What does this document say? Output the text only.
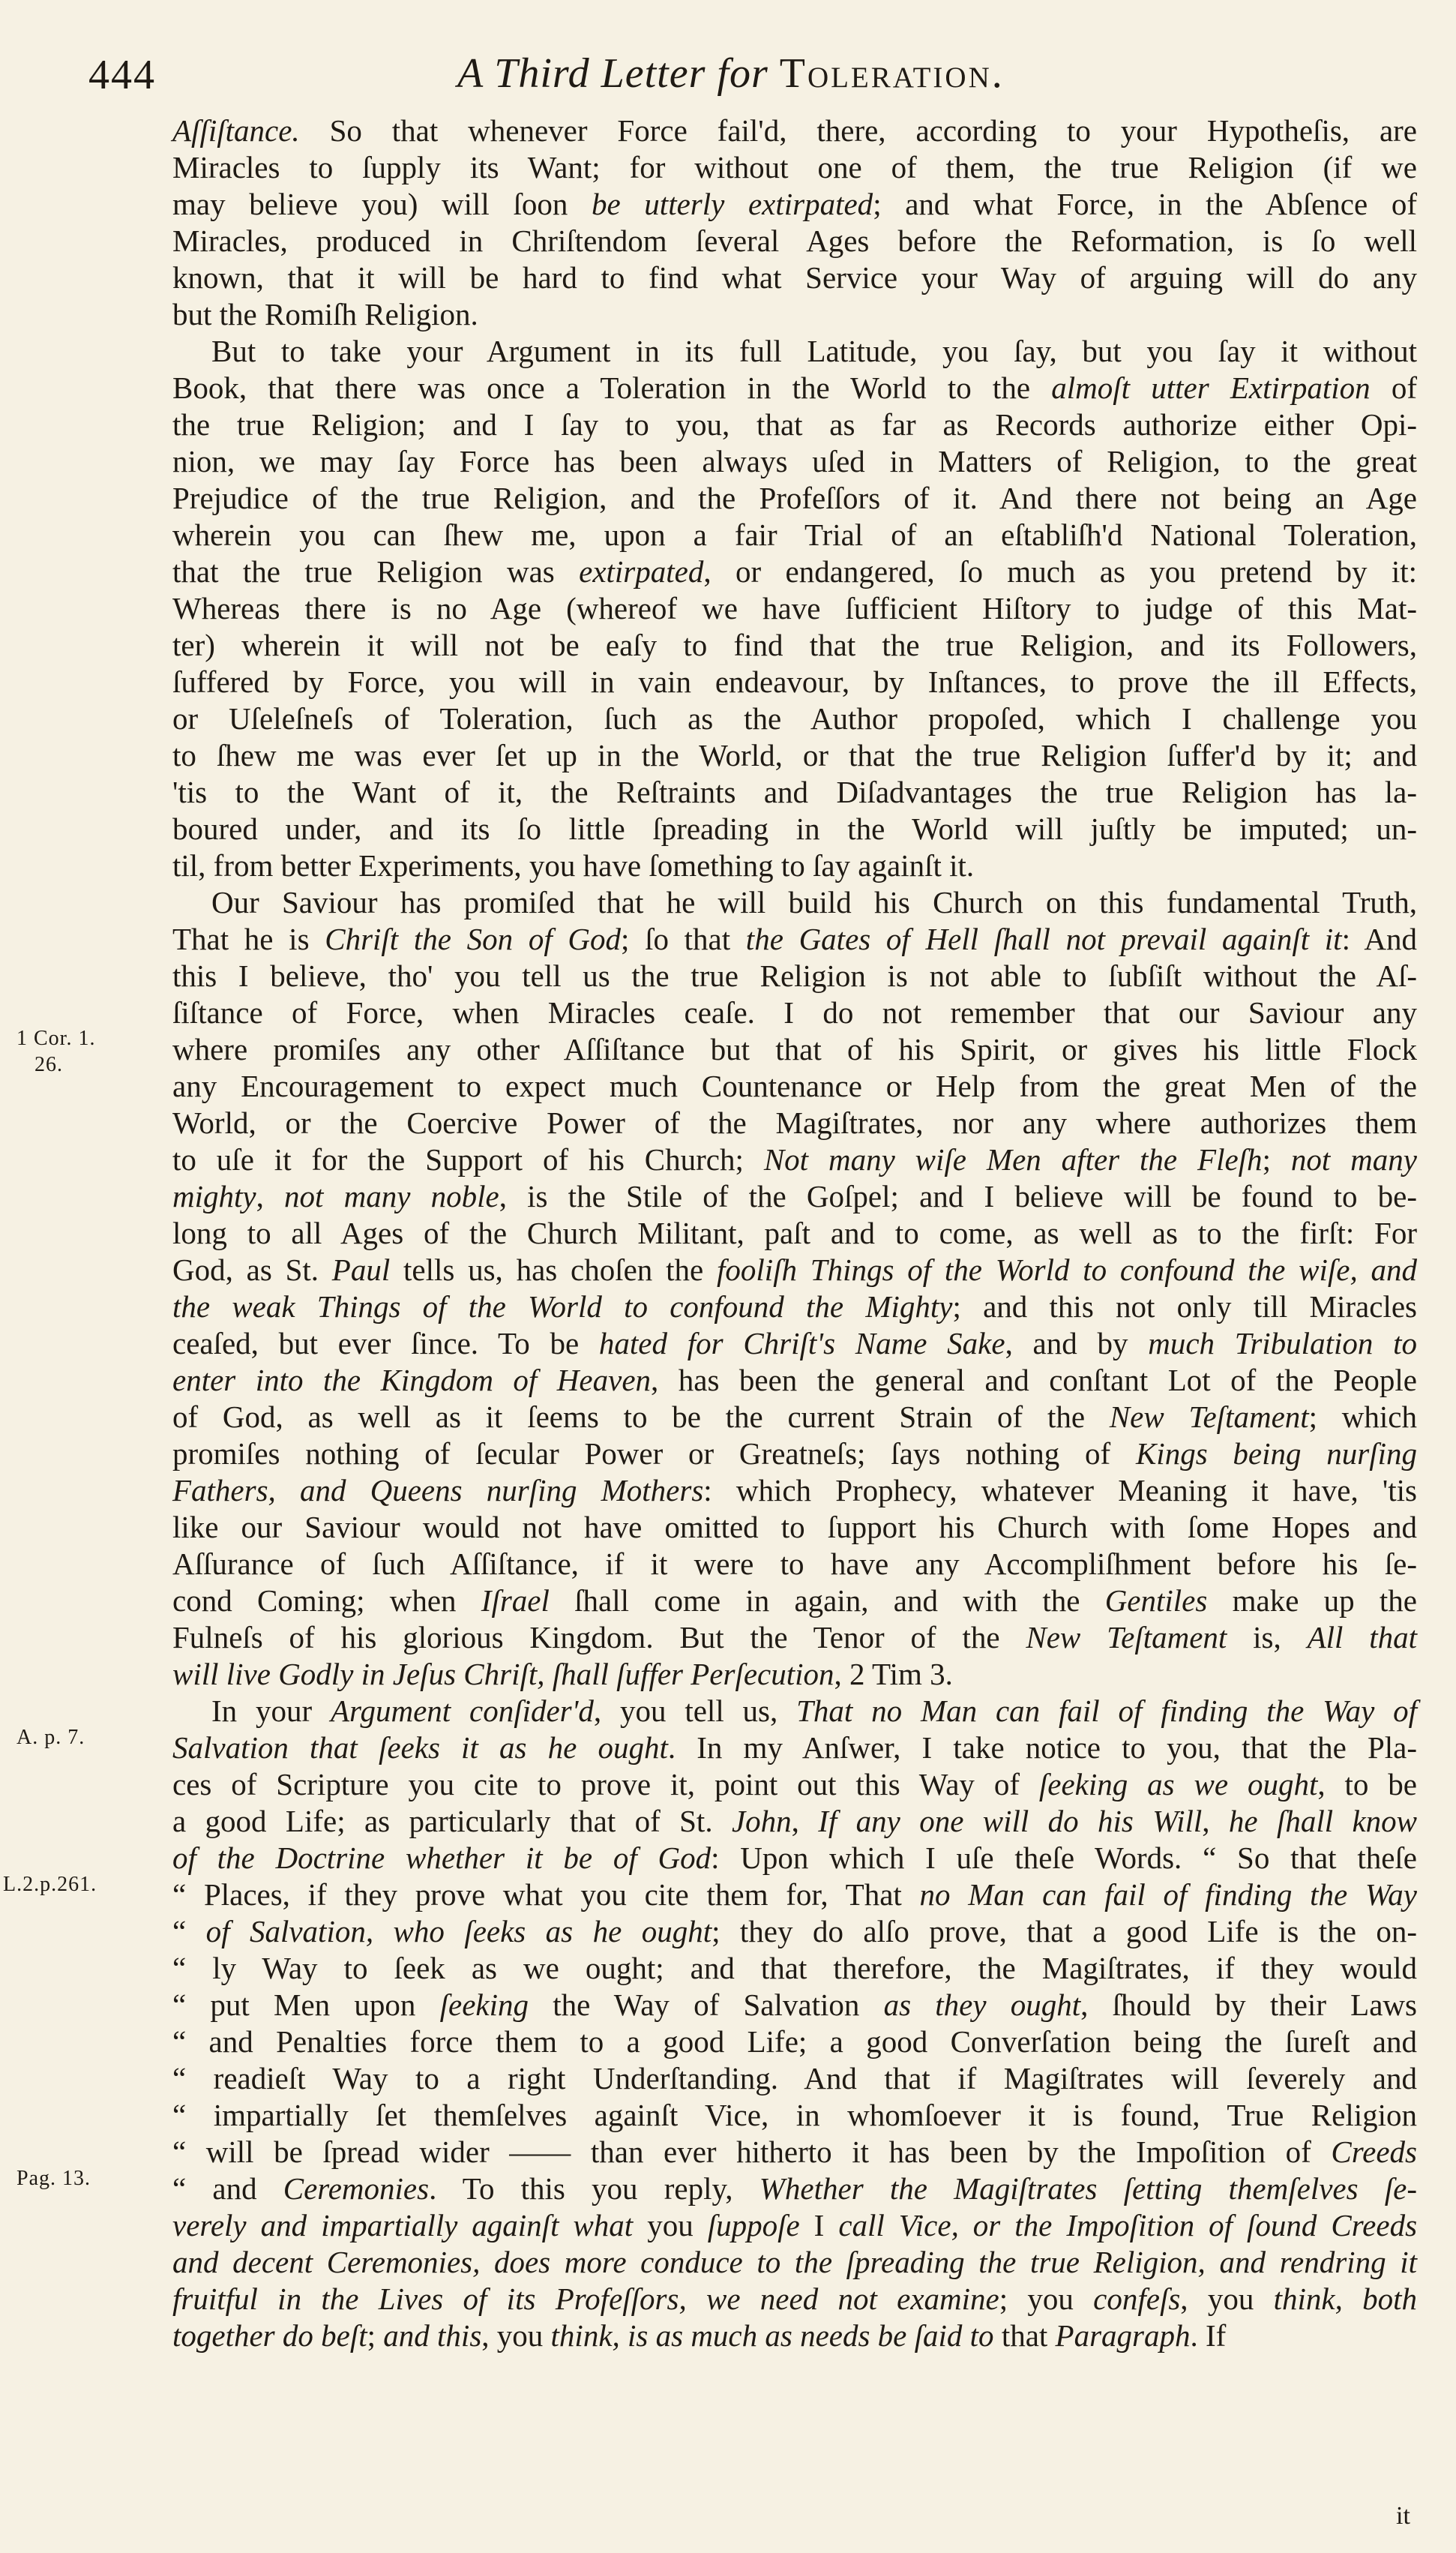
444	A Third Letter for Toleration.
1 Cor. 1.
26.
A. p. 7.
L.2.p.261.
Pag. 13.
Aſſiſtance. So that whenever Force fail'd, there, according to your Hypotheſis, are
Miracles to ſupply its Want; for without one of them, the true Religion (if we
may believe you) will ſoon be utterly extirpated; and what Force, in the Abſence of
Miracles, produced in Chriſtendom ſeveral Ages before the Reformation, is ſo well
known, that it will be hard to find what Service your Way of arguing will do any
but the Romiſh Religion.
But to take your Argument in its full Latitude, you ſay, but you ſay it without
Book, that there was once a Toleration in the World to the almoſt utter Extirpation of
the true Religion; and I ſay to you, that as far as Records authorize either Opi-
nion, we may ſay Force has been always uſed in Matters of Religion, to the great
Prejudice of the true Religion, and the Profeſſors of it. And there not being an Age
wherein you can ſhew me, upon a fair Trial of an eſtabliſh'd National Toleration,
that the true Religion was extirpated, or endangered, ſo much as you pretend by it:
Whereas there is no Age (whereof we have ſufficient Hiſtory to judge of this Mat-
ter) wherein it will not be eaſy to find that the true Religion, and its Followers,
ſuffered by Force, you will in vain endeavour, by Inſtances, to prove the ill Effects,
or Uſeleſneſs of Toleration, ſuch as the Author propoſed, which I challenge you
to ſhew me was ever ſet up in the World, or that the true Religion ſuffer'd by it; and
'tis to the Want of it, the Reſtraints and Diſadvantages the true Religion has la-
boured under, and its ſo little ſpreading in the World will juſtly be imputed; un-
til, from better Experiments, you have ſomething to ſay againſt it.
Our Saviour has promiſed that he will build his Church on this fundamental Truth,
That he is Chriſt the Son of God; ſo that the Gates of Hell ſhall not prevail againſt it: And
this I believe, tho' you tell us the true Religion is not able to ſubſiſt without the Aſ-
ſiſtance of Force, when Miracles ceaſe. I do not remember that our Saviour any
where promiſes any other Aſſiſtance but that of his Spirit, or gives his little Flock
any Encouragement to expect much Countenance or Help from the great Men of the
World, or the Coercive Power of the Magiſtrates, nor any where authorizes them
to uſe it for the Support of his Church; Not many wiſe Men after the Fleſh; not many
mighty, not many noble, is the Stile of the Goſpel; and I believe will be found to be-
long to all Ages of the Church Militant, paſt and to come, as well as to the firſt: For
God, as St. Paul tells us, has choſen the fooliſh Things of the World to confound the wiſe, and
the weak Things of the World to confound the Mighty; and this not only till Miracles
ceaſed, but ever ſince. To be hated for Chriſt's Name Sake, and by much Tribulation to
enter into the Kingdom of Heaven, has been the general and conſtant Lot of the People
of God, as well as it ſeems to be the current Strain of the New Teſtament; which
promiſes nothing of ſecular Power or Greatneſs; ſays nothing of Kings being nurſing
Fathers, and Queens nurſing Mothers: which Prophecy, whatever Meaning it have, 'tis
like our Saviour would not have omitted to ſupport his Church with ſome Hopes and
Aſſurance of ſuch Aſſiſtance, if it were to have any Accompliſhment before his ſe-
cond Coming; when Iſrael ſhall come in again, and with the Gentiles make up the
Fulneſs of his glorious Kingdom. But the Tenor of the New Teſtament is, All that
will live Godly in Jeſus Chriſt, ſhall ſuffer Perſecution, 2 Tim 3.
In your Argument conſider'd, you tell us, That no Man can fail of finding the Way of
Salvation that ſeeks it as he ought. In my Anſwer, I take notice to you, that the Pla-
ces of Scripture you cite to prove it, point out this Way of ſeeking as we ought, to be
a good Life; as particularly that of St. John, If any one will do his Will, he ſhall know
of the Doctrine whether it be of God: Upon which I uſe theſe Words. “ So that theſe
“ Places, if they prove what you cite them for, That no Man can fail of finding the Way
“ of Salvation, who ſeeks as he ought; they do alſo prove, that a good Life is the on-
“ ly Way to ſeek as we ought; and that therefore, the Magiſtrates, if they would
“ put Men upon ſeeking the Way of Salvation as they ought, ſhould by their Laws
“ and Penalties force them to a good Life; a good Converſation being the ſureſt and
“ readieſt Way to a right Underſtanding. And that if Magiſtrates will ſeverely and
“ impartially ſet themſelves againſt Vice, in whomſoever it is found, True Religion
“ will be ſpread wider —— than ever hitherto it has been by the Impoſition of Creeds
“ and Ceremonies. To this you reply, Whether the Magiſtrates ſetting themſelves ſe-
verely and impartially againſt what you ſuppoſe I call Vice, or the Impoſition of ſound Creeds
and decent Ceremonies, does more conduce to the ſpreading the true Religion, and rendring it
fruitful in the Lives of its Profeſſors, we need not examine; you confeſs, you think, both
together do beſt; and this, you think, is as much as needs be ſaid to that Paragraph. If
it
